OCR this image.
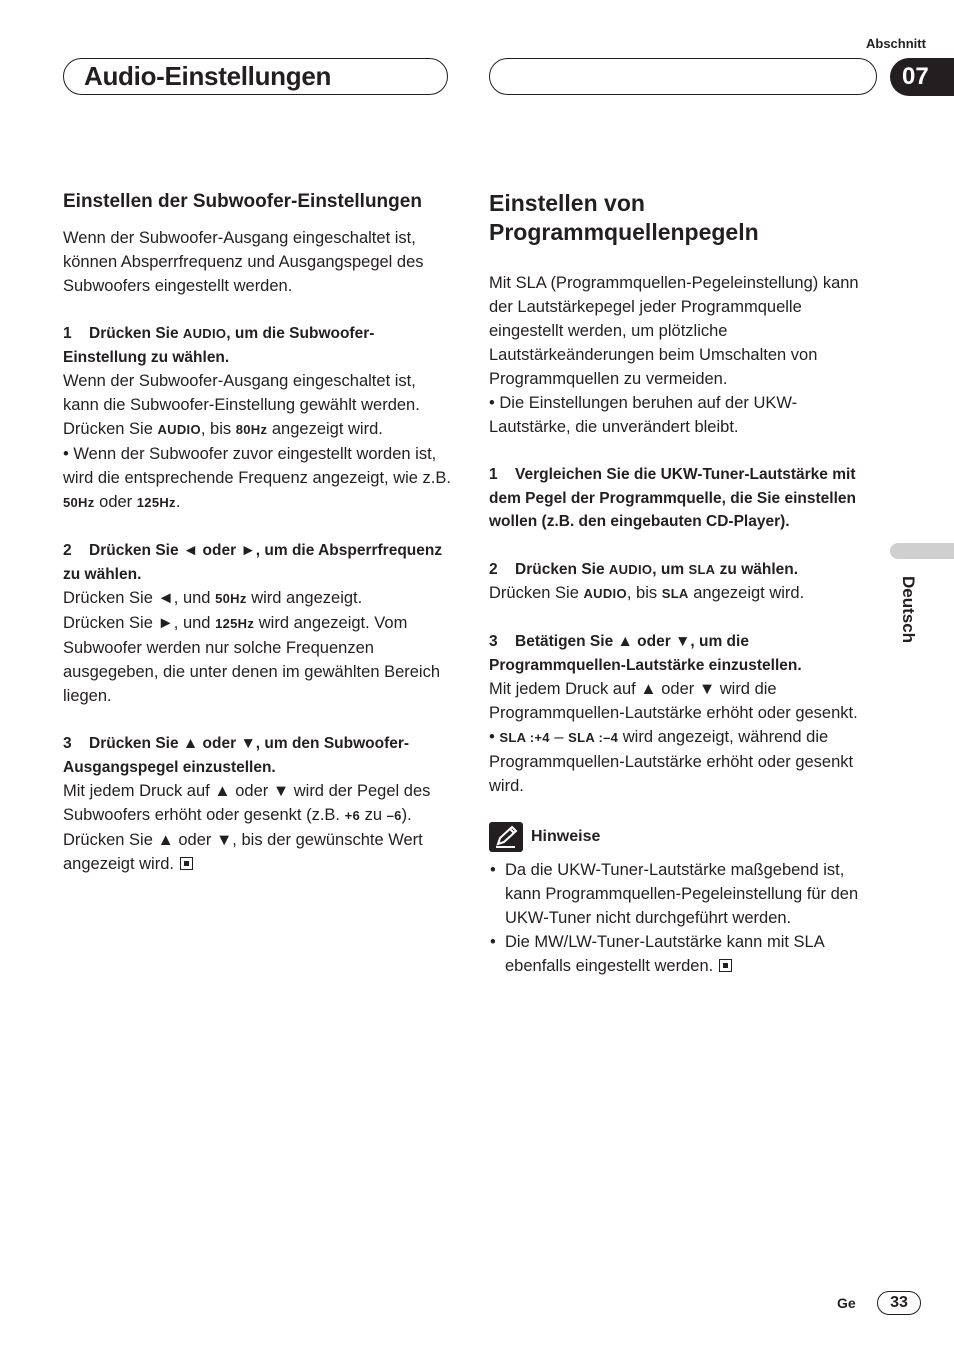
Abschnitt
Audio-Einstellungen	07
Deutsch

Einstellen der Subwoofer-Einstellungen

Wenn der Subwoofer-Ausgang eingeschaltet ist, können Absperrfrequenz und Ausgangspegel des Subwoofers eingestellt werden.

1 Drücken Sie AUDIO, um die Subwoofer-Einstellung zu wählen.

Wenn der Subwoofer-Ausgang eingeschaltet ist, kann die Subwoofer-Einstellung gewählt werden. Drücken Sie AUDIO, bis 80Hz angezeigt wird.

• Wenn der Subwoofer zuvor eingestellt worden ist, wird die entsprechende Frequenz angezeigt, wie z.B. 50Hz oder 125Hz.

2 Drücken Sie ◄ oder ►, um die Absperrfrequenz zu wählen.

Drücken Sie ◄, und 50Hz wird angezeigt.

Drücken Sie ►, und 125Hz wird angezeigt. Vom Subwoofer werden nur solche Frequenzen ausgegeben, die unter denen im gewählten Bereich liegen.

3 Drücken Sie ▲ oder ▼, um den Subwoofer-Ausgangspegel einzustellen.

Mit jedem Druck auf ▲ oder ▼ wird der Pegel des Subwoofers erhöht oder gesenkt (z.B. +6 zu –6).

Drücken Sie ▲ oder ▼, bis der gewünschte Wert angezeigt wird.

Einstellen von Programmquellenpegeln

Mit SLA (Programmquellen-Pegeleinstellung) kann der Lautstärkepegel jeder Programmquelle eingestellt werden, um plötzliche Lautstärkeänderungen beim Umschalten von Programmquellen zu vermeiden.

• Die Einstellungen beruhen auf der UKW-Lautstärke, die unverändert bleibt.

1 Vergleichen Sie die UKW-Tuner-Lautstärke mit dem Pegel der Programmquelle, die Sie einstellen wollen (z.B. den eingebauten CD-Player).

2 Drücken Sie AUDIO, um SLA zu wählen.

Drücken Sie AUDIO, bis SLA angezeigt wird.

3 Betätigen Sie ▲ oder ▼, um die Programmquellen-Lautstärke einzustellen.

Mit jedem Druck auf ▲ oder ▼ wird die Programmquellen-Lautstärke erhöht oder gesenkt.

• SLA :+4 – SLA :–4 wird angezeigt, während die Programmquellen-Lautstärke erhöht oder gesenkt wird.

Hinweise
• Da die UKW-Tuner-Lautstärke maßgebend ist, kann Programmquellen-Pegeleinstellung für den UKW-Tuner nicht durchgeführt werden.
• Die MW/LW-Tuner-Lautstärke kann mit SLA ebenfalls eingestellt werden.
Ge	33
